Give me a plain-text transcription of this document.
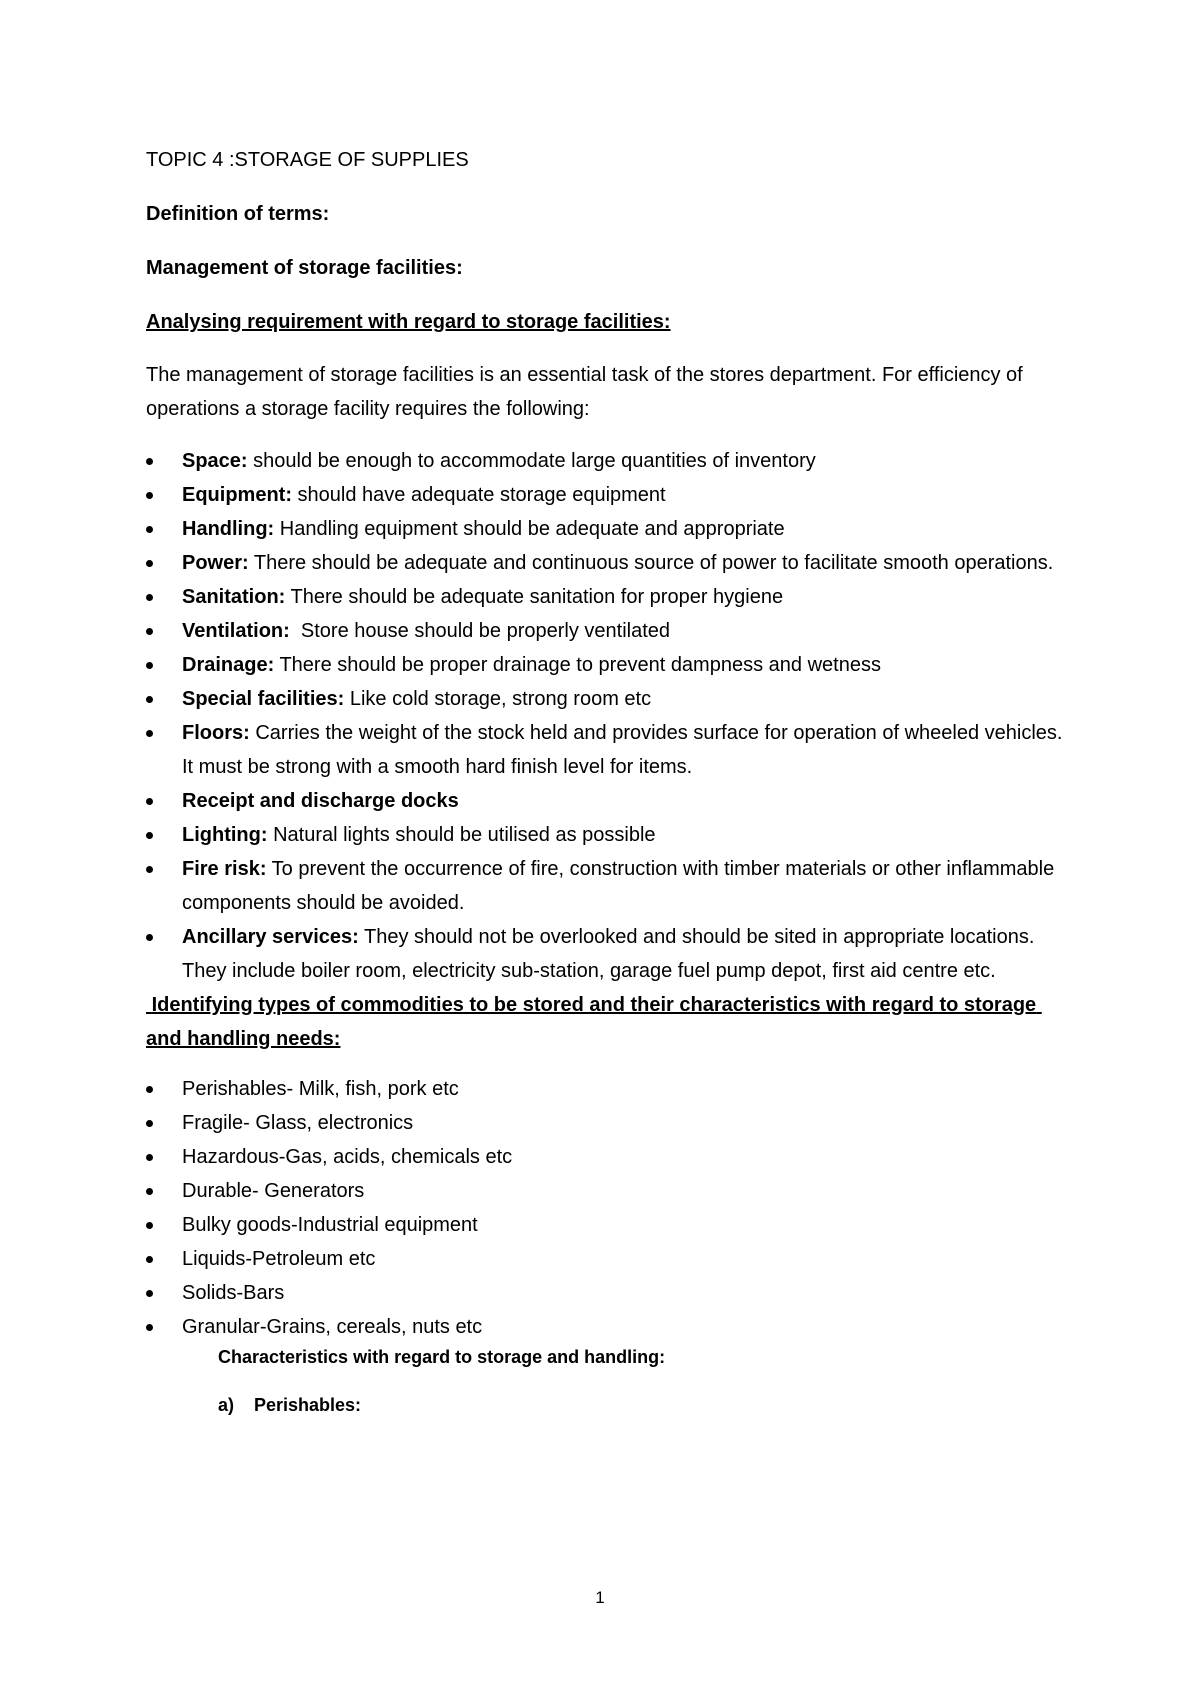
TOPIC 4 :STORAGE OF SUPPLIES
Definition of terms:
Management of storage facilities:
Analysing requirement with regard to storage facilities:
The management of storage facilities is an essential task of the stores department. For efficiency of operations a storage facility requires the following:
Space: should be enough to accommodate large quantities of inventory
Equipment: should have adequate storage equipment
Handling: Handling equipment should be adequate and appropriate
Power: There should be adequate and continuous source of power to facilitate smooth operations.
Sanitation: There should be adequate sanitation for proper hygiene
Ventilation:  Store house should be properly ventilated
Drainage: There should be proper drainage to prevent dampness and wetness
Special facilities: Like cold storage, strong room etc
Floors: Carries the weight of the stock held and provides surface for operation of wheeled vehicles. It must be strong with a smooth hard finish level for items.
Receipt and discharge docks
Lighting: Natural lights should be utilised as possible
Fire risk: To prevent the occurrence of fire, construction with timber materials or other inflammable components should be avoided.
Ancillary services: They should not be overlooked and should be sited in appropriate locations. They include boiler room, electricity sub-station, garage fuel pump depot, first aid centre etc.
Identifying types of commodities to be stored and their characteristics with regard to storage and handling needs:
Perishables- Milk, fish, pork etc
Fragile- Glass, electronics
Hazardous-Gas, acids, chemicals etc
Durable- Generators
Bulky goods-Industrial equipment
Liquids-Petroleum etc
Solids-Bars
Granular-Grains, cereals, nuts etc
Characteristics with regard to storage and handling:
a) Perishables:
1
